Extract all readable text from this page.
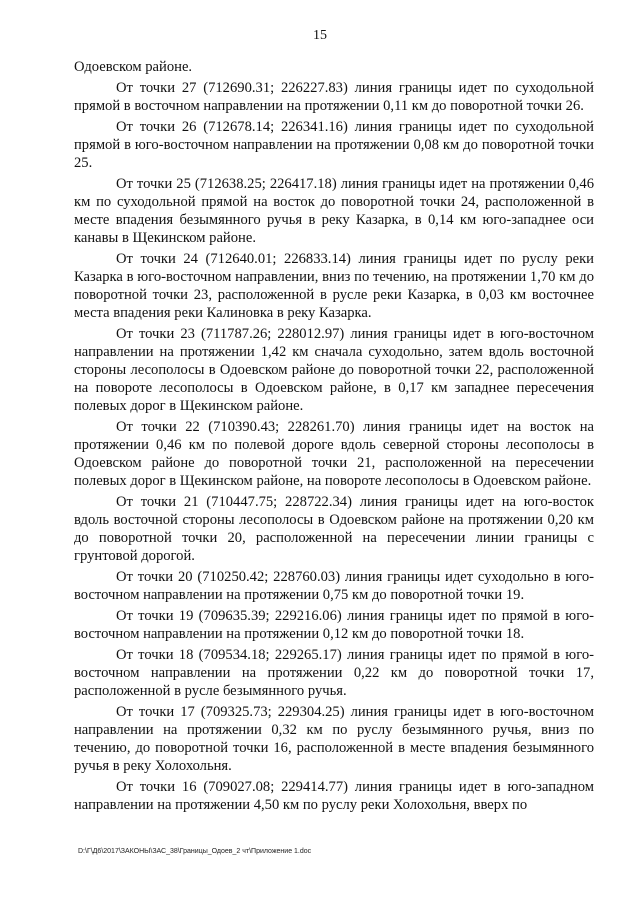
15

Одоевском районе.

От точки 27 (712690.31; 226227.83) линия границы идет по суходольной прямой в восточном направлении на протяжении 0,11 км до поворотной точки 26.

От точки 26 (712678.14; 226341.16) линия границы идет по суходольной прямой в юго-восточном направлении на протяжении 0,08 км до поворотной точки 25.

От точки 25 (712638.25; 226417.18) линия границы идет на протяжении 0,46 км по суходольной прямой на восток до поворотной точки 24, расположенной в месте впадения безымянного ручья в реку Казарка, в 0,14 км юго-западнее оси канавы в Щекинском районе.

От точки 24 (712640.01; 226833.14) линия границы идет по руслу реки Казарка в юго-восточном направлении, вниз по течению, на протяжении 1,70 км до поворотной точки 23, расположенной в русле реки Казарка, в 0,03 км восточнее места впадения реки Калиновка в реку Казарка.

От точки 23 (711787.26; 228012.97) линия границы идет в юго-восточном направлении на протяжении 1,42 км сначала суходольно, затем вдоль восточной стороны лесополосы в Одоевском районе до поворотной точки 22, расположенной на повороте лесополосы в Одоевском районе, в 0,17 км западнее пересечения полевых дорог в Щекинском районе.

От точки 22 (710390.43; 228261.70) линия границы идет на восток на протяжении 0,46 км по полевой дороге вдоль северной стороны лесополосы в Одоевском районе до поворотной точки 21, расположенной на пересечении полевых дорог в Щекинском районе, на повороте лесополосы в Одоевском районе.

От точки 21 (710447.75; 228722.34) линия границы идет на юго-восток вдоль восточной стороны лесополосы в Одоевском районе на протяжении 0,20 км до поворотной точки 20, расположенной на пересечении линии границы с грунтовой дорогой.

От точки 20 (710250.42; 228760.03) линия границы идет суходольно в юго-восточном направлении на протяжении 0,75 км до поворотной точки 19.

От точки 19 (709635.39; 229216.06) линия границы идет по прямой в юго-восточном направлении на протяжении 0,12 км до поворотной точки 18.

От точки 18 (709534.18; 229265.17) линия границы идет по прямой в юго-восточном направлении на протяжении 0,22 км до поворотной точки 17, расположенной в русле безымянного ручья.

От точки 17 (709325.73; 229304.25) линия границы идет в юго-восточном направлении на протяжении 0,32 км по руслу безымянного ручья, вниз по течению, до поворотной точки 16, расположенной в месте впадения безымянного ручья в реку Холохольня.

От точки 16 (709027.08; 229414.77) линия границы идет в юго-западном направлении на протяжении 4,50 км по руслу реки Холохольня, вверх по

D:\Г\Д6\2017\ЗАКОНЫ\ЗАС_38\Границы_Одоев_2 чт\Приложение 1.doc
